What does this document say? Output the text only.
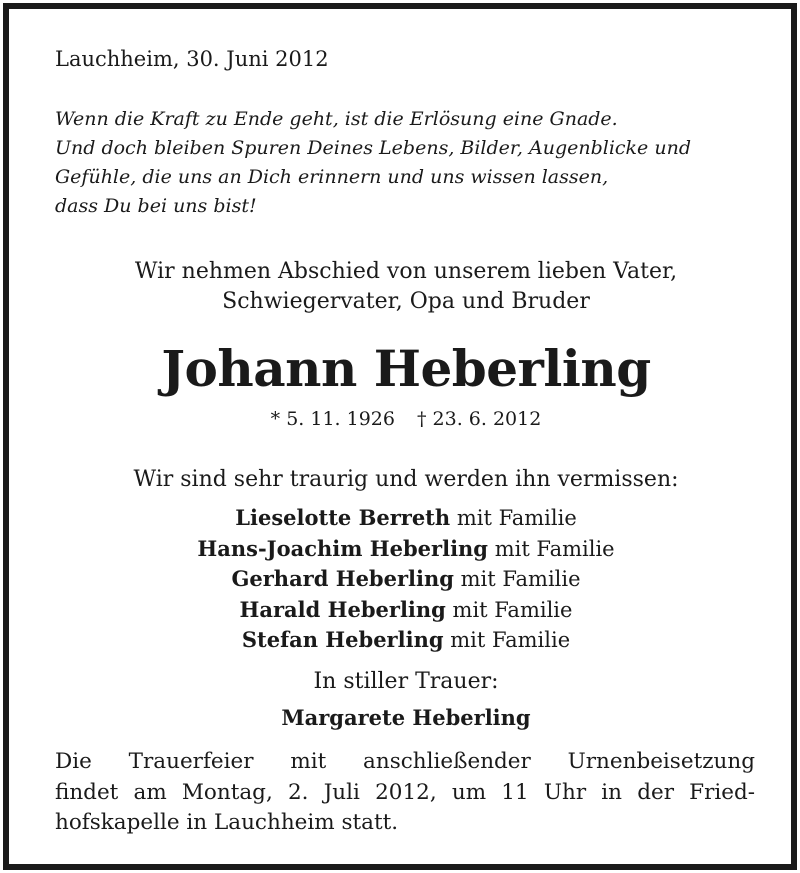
Lauchheim, 30. Juni 2012
Wenn die Kraft zu Ende geht, ist die Erlösung eine Gnade.
Und doch bleiben Spuren Deines Lebens, Bilder, Augenblicke und
Gefühle, die uns an Dich erinnern und uns wissen lassen,
dass Du bei uns bist!
Wir nehmen Abschied von unserem lieben Vater,
Schwiegervater, Opa und Bruder
Johann Heberling
* 5. 11. 1926 † 23. 6. 2012
Wir sind sehr traurig und werden ihn vermissen:
Lieselotte Berreth mit Familie
Hans-Joachim Heberling mit Familie
Gerhard Heberling mit Familie
Harald Heberling mit Familie
Stefan Heberling mit Familie
In stiller Trauer:
Margarete Heberling
Die Trauerfeier mit anschließender Urnenbeisetzung
findet am Montag, 2. Juli 2012, um 11 Uhr in der Fried-
hofskapelle in Lauchheim statt.
